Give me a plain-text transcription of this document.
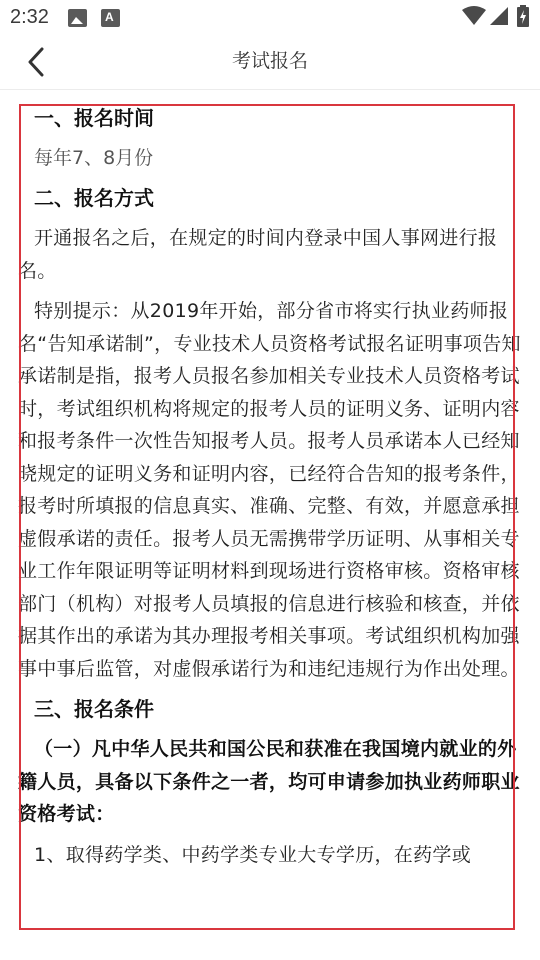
2:32
A
考试报名
一、报名时间
每年7、8月份
二、报名方式
开通报名之后，在规定的时间内登录中国人事网进行报名。
特别提示：从2019年开始，部分省市将实行执业药师报名“告知承诺制”，专业技术人员资格考试报名证明事项告知承诺制是指，报考人员报名参加相关专业技术人员资格考试时，考试组织机构将规定的报考人员的证明义务、证明内容和报考条件一次性告知报考人员。报考人员承诺本人已经知晓规定的证明义务和证明内容，已经符合告知的报考条件，报考时所填报的信息真实、准确、完整、有效，并愿意承担虚假承诺的责任。报考人员无需携带学历证明、从事相关专业工作年限证明等证明材料到现场进行资格审核。资格审核部门（机构）对报考人员填报的信息进行核验和核查，并依据其作出的承诺为其办理报考相关事项。考试组织机构加强事中事后监管，对虚假承诺行为和违纪违规行为作出处理。
三、报名条件
（一）凡中华人民共和国公民和获准在我国境内就业的外籍人员，具备以下条件之一者，均可申请参加执业药师职业资格考试：
1、取得药学类、中药学类专业大专学历，在药学或
